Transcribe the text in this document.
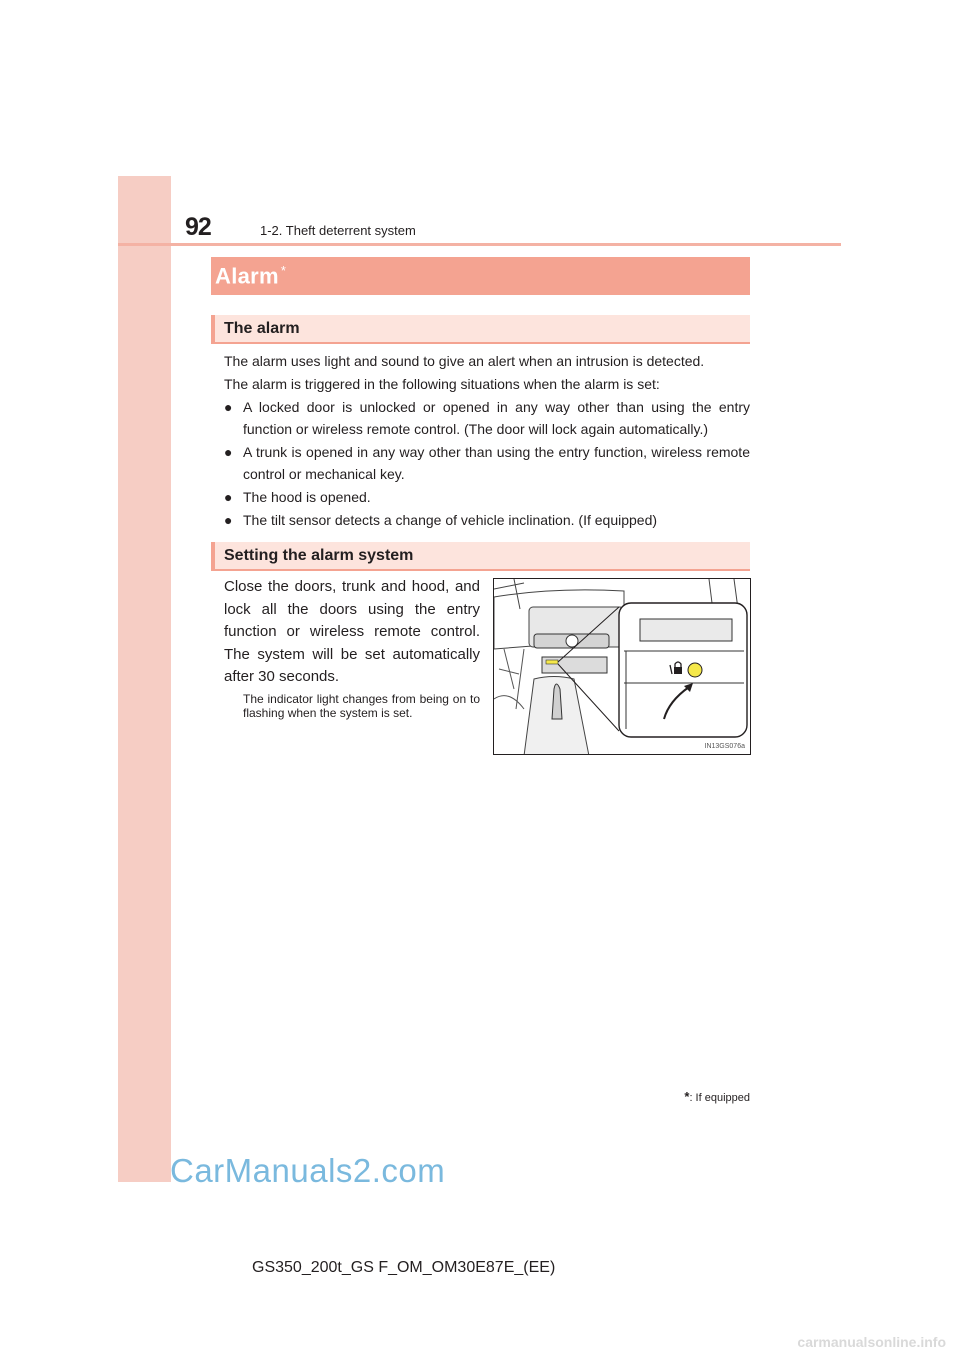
92	1-2. Theft deterrent system
Alarm *
The alarm
The alarm uses light and sound to give an alert when an intrusion is detected.
The alarm is triggered in the following situations when the alarm is set:
● A locked door is unlocked or opened in any way other than using the entry function or wireless remote control. (The door will lock again automatically.)
● A trunk is opened in any way other than using the entry function, wireless remote control or mechanical key.
● The hood is opened.
● The tilt sensor detects a change of vehicle inclination. (If equipped)
Setting the alarm system
Close the doors, trunk and hood, and lock all the doors using the entry function or wireless remote control. The system will be set automatically after 30 seconds.
The indicator light changes from being on to flashing when the system is set.
IN13GS076a
*: If equipped
CarManuals2.com
GS350_200t_GS F_OM_OM30E87E_(EE)
carmanualsonline.info
